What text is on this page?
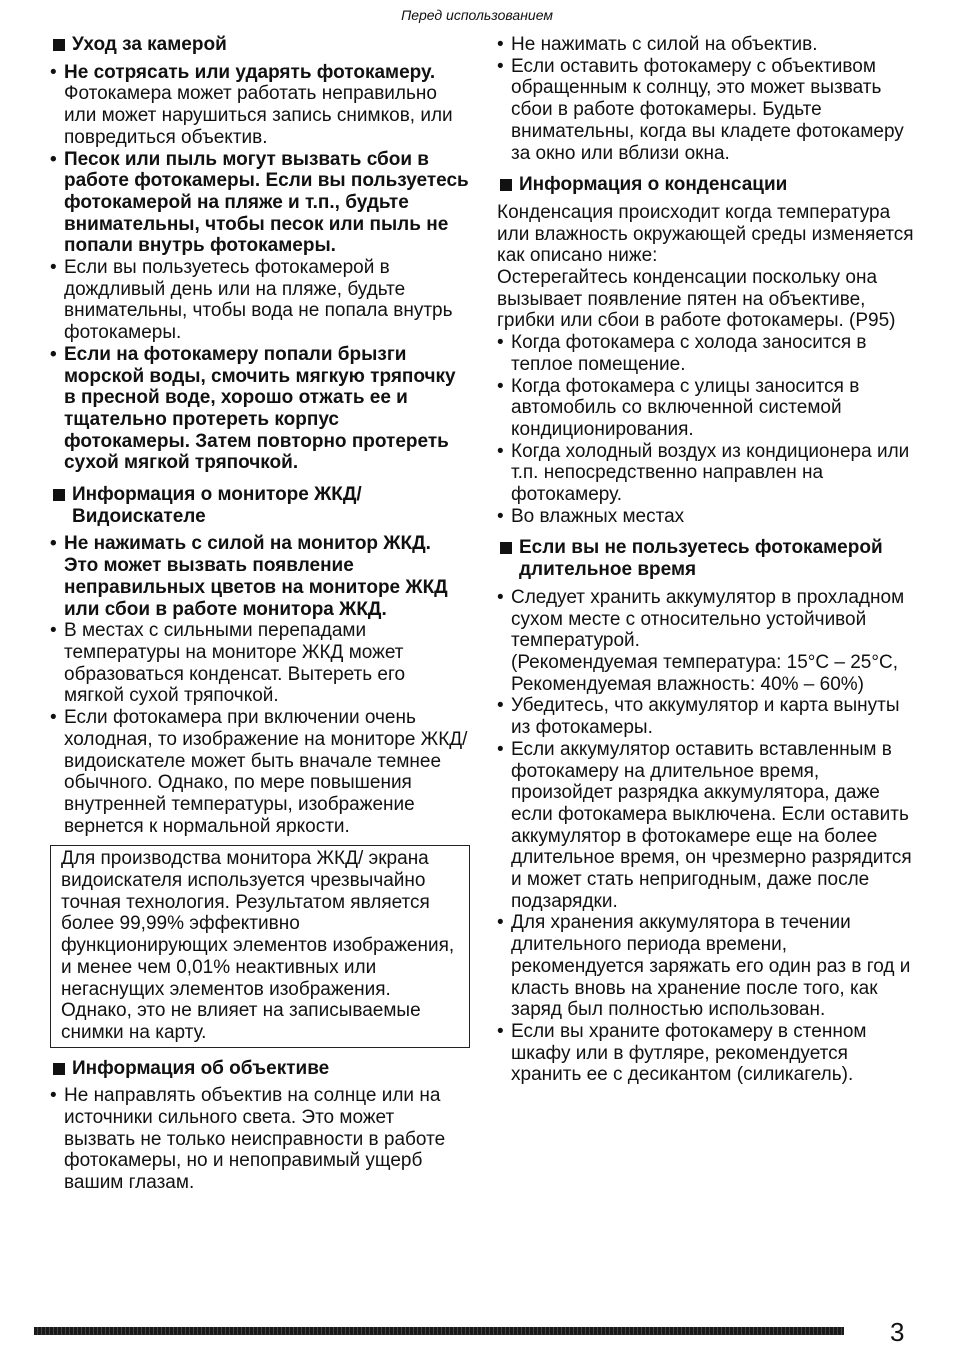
Перед использованием
Уход за камерой

• Не сотрясать или ударять фотокамеру. Фотокамера может работать неправильно или может нарушиться запись снимков, или повредиться объектив.

• Песок или пыль могут вызвать сбои в работе фотокамеры. Если вы пользуетесь фотокамерой на пляже и т.п., будьте внимательны, чтобы песок или пыль не попали внутрь фотокамеры.

• Если вы пользуетесь фотокамерой в дождливый день или на пляже, будьте внимательны, чтобы вода не попала внутрь фотокамеры.

• Если на фотокамеру попали брызги морской воды, смочить мягкую тряпочку в пресной воде, хорошо отжать ее и тщательно протереть корпус фотокамеры. Затем повторно протереть сухой мягкой тряпочкой.

Информация о мониторе ЖКД/ Видоискателе

• Не нажимать с силой на монитор ЖКД. Это может вызвать появление неправильных цветов на мониторе ЖКД или сбои в работе монитора ЖКД.

• В местах с сильными перепадами температуры на мониторе ЖКД может образоваться конденсат. Вытереть его мягкой сухой тряпочкой.

• Если фотокамера при включении очень холодная, то изображение на мониторе ЖКД/видоискателе может быть вначале темнее обычного. Однако, по мере повышения внутренней температуры, изображение вернется к нормальной яркости.

Для производства монитора ЖКД/ экрана видоискателя используется чрезвычайно точная технология. Результатом является более 99,99% эффективно функционирующих элементов изображения, и менее чем 0,01% неактивных или негаснущих элементов изображения. Однако, это не влияет на записываемые снимки на карту.
Информация об объективе

• Не направлять объектив на солнце или на источники сильного света. Это может вызвать не только неисправности в работе фотокамеры, но и непоправимый ущерб вашим глазам.

• Не нажимать с силой на объектив.

• Если оставить фотокамеру с объективом обращенным к солнцу, это может вызвать сбои в работе фотокамеры. Будьте внимательны, когда вы кладете фотокамеру за окно или вблизи окна.

Информация о конденсации

Конденсация происходит когда температура или влажность окружающей среды изменяется как описано ниже:

Остерегайтесь конденсации поскольку она вызывает появление пятен на объективе, грибки или сбои в работе фотокамеры. (P95)

• Когда фотокамера с холода заносится в теплое помещение.

• Когда фотокамера с улицы заносится в автомобиль со включенной системой кондиционирования.

• Когда холодный воздух из кондиционера или т.п. непосредственно направлен на фотокамеру.

• Во влажных местах

Если вы не пользуетесь фотокамерой длительное время

• Следует хранить аккумулятор в прохладном сухом месте с относительно устойчивой температурой.

(Рекомендуемая температура: 15°C – 25°C, Рекомендуемая влажность: 40% – 60%)

• Убедитесь, что аккумулятор и карта вынуты из фотокамеры.

• Если аккумулятор оставить вставленным в фотокамеру на длительное время, произойдет разрядка аккумулятора, даже если фотокамера выключена. Если оставить аккумулятор в фотокамере еще на более длительное время, он чрезмерно разрядится и может стать непригодным, даже после подзарядки.

• Для хранения аккумулятора в течении длительного периода времени, рекомендуется заряжать его один раз в год и класть вновь на хранение после того, как заряд был полностью использован.

• Если вы храните фотокамеру в стенном шкафу или в футляре, рекомендуется хранить ее с десикантом (силикагель).

3
